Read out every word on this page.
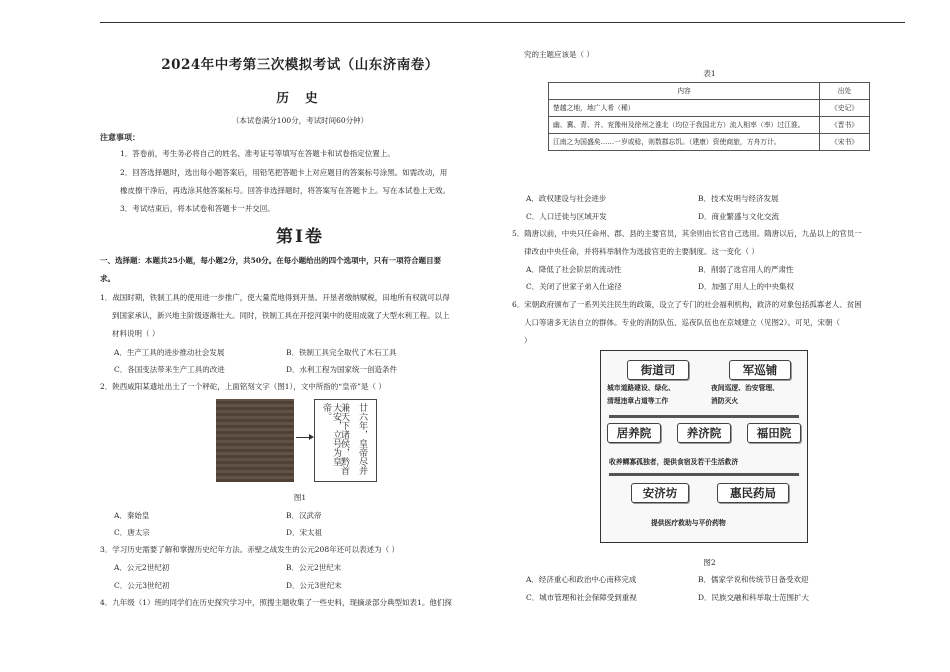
2024年中考第三次模拟考试（山东济南卷）
历 史
（本试卷满分100分，考试时间60分钟）
注意事项：
1．答卷前，考生务必将自己的姓名、准考证号等填写在答题卡和试卷指定位置上。
2．回答选择题时，选出每小题答案后，用铅笔把答题卡上对应题目的答案标号涂黑。如需改动，用
橡皮擦干净后，再选涂其他答案标号。回答非选择题时，将答案写在答题卡上。写在本试卷上无效。
3．考试结束后，将本试卷和答题卡一并交回。
第Ⅰ卷
一、选择题：本题共25小题，每小题2分，共50分。在每小题给出的四个选项中，只有一项符合题目要
求。
1．战国时期，铁制工具的使用进一步推广，使大量荒地得到开垦。开垦者缴纳赋税，田地所有权就可以得
到国家承认，新兴地主阶级逐渐壮大。同时，铁制工具在开挖河渠中的使用成就了大型水利工程。以上
材料说明（ ）
A．生产工具的进步推动社会发展	B．铁制工具完全取代了木石工具
C．各国变法带来生产工具的改进	D．水利工程为国家统一创造条件
2．陕西咸阳某遗址出土了一个秤砣，上面铭刻文字（图1），文中所指的“皇帝”是（ ）
廿六年，皇帝尽并
兼天下诸侯，黔首
大安，立号为皇帝。
图1
A．秦始皇	B．汉武帝
C．唐太宗	D．宋太祖
3．学习历史需要了解和掌握历史纪年方法。赤壁之战发生的公元208年还可以表述为（ ）
A．公元2世纪初	B．公元2世纪末
C．公元3世纪初	D．公元3世纪末
4．九年级（1）班的同学们在历史探究学习中，照搜主题收集了一些史料，现摘录部分典型如表1。他们探
究的主题应该是（ ）
表1
内容	出处
楚越之地，地广人希（稀）	《史记》
幽、冀、青、并、兖豫州及徐州之淮北（均位于我国北方）流人相率（率）过江淮。	《晋书》
江南之为国盛矣……一岁或稔，则数郡忘饥。（建康）资使商旅，方舟万计。	《宋书》
A．政权建设与社会进步	B．技术发明与经济发展
C．人口迁徙与区域开发	D．商业繁盛与文化交流
5．隋唐以前，中央只任命州、郡、县的主要官员，其余则由长官自己选用。隋唐以后，九品以上的官员一
律改由中央任命，并将科举制作为选拔官吏的主要制度。这一变化（ ）
A．降低了社会阶层的流动性	B．削弱了选官用人的严肃性
C．关闭了世家子弟入仕途径	D．加强了用人上的中央集权
6．宋朝政府颁布了一系列关注民生的政策，设立了专门的社会福利机构，救济的对象包括孤寡老人、贫困
人口等诸多无法自立的群体。专业的消防队伍、巡夜队伍也在京城建立（见图2）。可见，宋朝（
）
街道司	军巡铺
城市道路建设、绿化、
清理违章占道等工作
夜间巡逻、治安管理、
消防灭火
居养院	养济院	福田院
收养鳏寡孤独者，提供食宿及若干生活救济
安济坊	惠民药局
提供医疗救助与平价药物
图2
A．经济重心和政治中心南移完成	B．儒家学说和传统节日备受欢迎
C．城市管理和社会保障受到重视	D．民族交融和科举取士范围扩大
